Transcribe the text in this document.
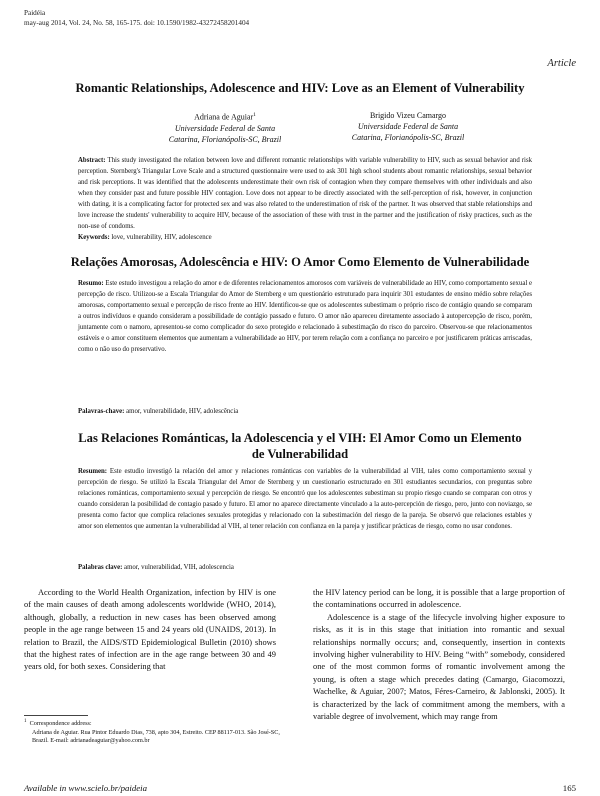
Paidéia
may-aug 2014, Vol. 24, No. 58, 165-175. doi: 10.1590/1982-43272458201404
Article
Romantic Relationships, Adolescence and HIV: Love as an Element of Vulnerability
Adriana de Aguiar$^1$
Universidade Federal de Santa
Catarina, Florianópolis-SC, Brazil
Brigido Vizeu Camargo
Universidade Federal de Santa
Catarina, Florianópolis-SC, Brazil
Abstract: This study investigated the relation between love and different romantic relationships with variable vulnerability to HIV, such as sexual behavior and risk perception. Sternberg's Triangular Love Scale and a structured questionnaire were used to ask 301 high school students about romantic relationships, sexual behavior and risk perceptions. It was identified that the adolescents underestimate their own risk of contagion when they compare themselves with other individuals and also when they consider past and future possible HIV contagion. Love does not appear to be directly associated with the self-perception of risk, however, in conjunction with dating, it is a complicating factor for protected sex and was also related to the underestimation of risk of the partner. It was observed that stable relationships and love increase the students' vulnerability to acquire HIV, because of the association of these with trust in the partner and the justification of risky practices, such as the non-use of condoms.
Keywords: love, vulnerability, HIV, adolescence
Relações Amorosas, Adolescência e HIV: O Amor Como Elemento de Vulnerabilidade
Resumo: Este estudo investigou a relação do amor e de diferentes relacionamentos amorosos com variáveis de vulnerabilidade ao HIV, como comportamento sexual e percepção de risco. Utilizou-se a Escala Triangular do Amor de Sternberg e um questionário estruturado para inquirir 301 estudantes de ensino médio sobre relações amorosas, comportamento sexual e percepção de risco frente ao HIV. Identificou-se que os adolescentes subestimam o próprio risco de contágio quando se comparam a outros indivíduos e quando consideram a possibilidade de contágio passado e futuro. O amor não apareceu diretamente associado à autopercepção de risco, porém, juntamente com o namoro, apresentou-se como complicador do sexo protegido e relacionado à subestimação do risco do parceiro. Observou-se que relacionamentos estáveis e o amor constituem elementos que aumentam a vulnerabilidade ao HIV, por terem relação com a confiança no parceiro e por justificarem práticas arriscadas, como o não uso do preservativo.
Palavras-chave: amor, vulnerabilidade, HIV, adolescência
Las Relaciones Románticas, la Adolescencia y el VIH: El Amor Como un Elemento
de Vulnerabilidad
Resumen: Este estudio investigó la relación del amor y relaciones románticas con variables de la vulnerabilidad al VIH, tales como comportamiento sexual y percepción de riesgo. Se utilizó la Escala Triangular del Amor de Sternberg y un cuestionario estructurado en 301 estudiantes secundarios, con preguntas sobre relaciones románticas, comportamiento sexual y percepción de riesgo. Se encontró que los adolescentes subestiman su propio riesgo cuando se comparan con otros y cuando consideran la posibilidad de contagio pasado y futuro. El amor no aparece directamente vinculado a la auto-percepción de riesgo, pero, junto con noviazgo, se presenta como factor que complica relaciones sexuales protegidas y relacionado con la subestimación del riesgo de la pareja. Se observó que relaciones estables y amor son elementos que aumentan la vulnerabilidad al VIH, al tener relación con confianza en la pareja y justificar prácticas de riesgo, como no usar condones.
Palabras clave: amor, vulnerabilidad, VIH, adolescencia
According to the World Health Organization, infection by HIV is one of the main causes of death among adolescents worldwide (WHO, 2014), although, globally, a reduction in new cases has been observed among people in the age range between 15 and 24 years old (UNAIDS, 2013). In relation to Brazil, the AIDS/STD Epidemiological Bulletin (2010) shows that the highest rates of infection are in the age range between 30 and 49 years old, for both sexes. Considering that
the HIV latency period can be long, it is possible that a large proportion of the contaminations occurred in adolescence.
Adolescence is a stage of the lifecycle involving higher exposure to risks, as it is in this stage that initiation into romantic and sexual relationships normally occurs; and, consequently, insertion in contexts involving higher vulnerability to HIV. Being “with” somebody, considered one of the most common forms of romantic involvement among the young, is often a stage which precedes dating (Camargo, Giacomozzi, Wachelke, & Aguiar, 2007; Matos, Féres-Carneiro, & Jablonski, 2005). It is characterized by the lack of commitment among the members, with a variable degree of involvement, which may range from
$^1$ Correspondence address:
Adriana de Aguiar. Rua Pintor Eduardo Dias, 738, apto 304, Estreito. CEP 88117-013. São José-SC, Brazil. E-mail: adrianadeaguiar@yahoo.com.br
Available in www.scielo.br/paideia	165
